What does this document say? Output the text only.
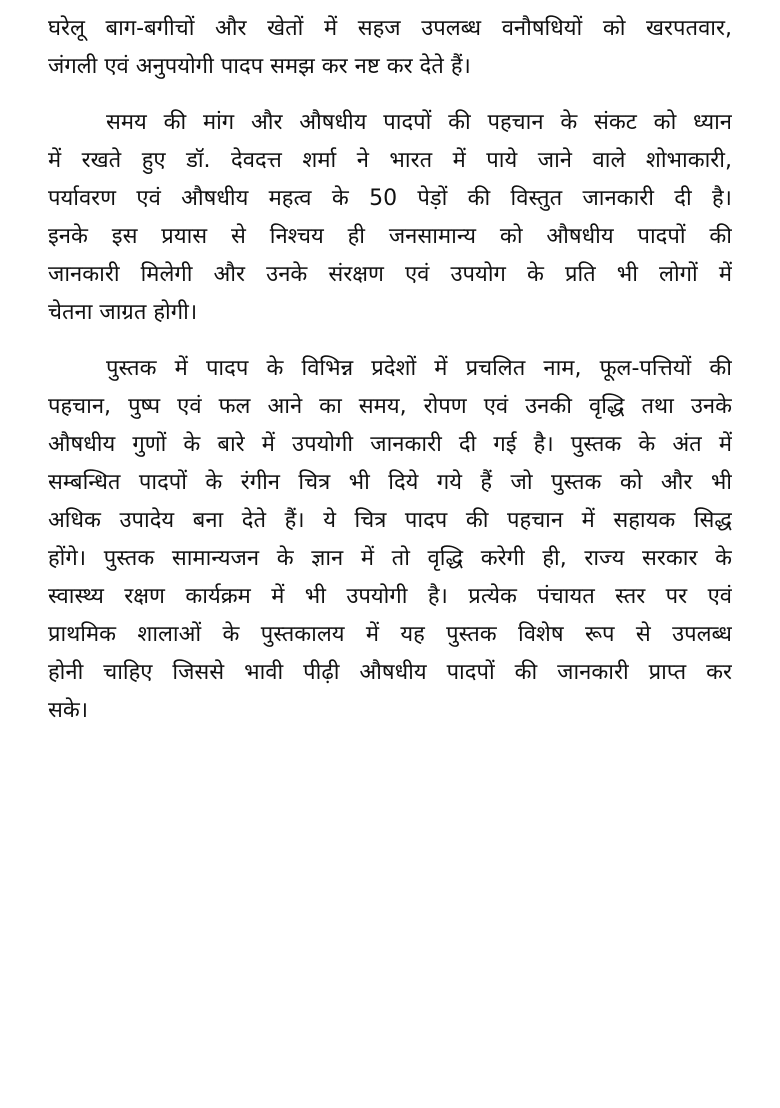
घरेलू बाग-बगीचों और खेतों में सहज उपलब्ध वनौषधियों को खरपतवार,
जंगली एवं अनुपयोगी पादप समझ कर नष्ट कर देते हैं।
समय की मांग और औषधीय पादपों की पहचान के संकट को ध्यान
में रखते हुए डॉ. देवदत्त शर्मा ने भारत में पाये जाने वाले शोभाकारी,
पर्यावरण एवं औषधीय महत्व के 50 पेड़ों की विस्तुत जानकारी दी है।
इनके इस प्रयास से निश्चय ही जनसामान्य को औषधीय पादपों की
जानकारी मिलेगी और उनके संरक्षण एवं उपयोग के प्रति भी लोगों में
चेतना जाग्रत होगी।
पुस्तक में पादप के विभिन्न प्रदेशों में प्रचलित नाम, फूल-पत्तियों की
पहचान, पुष्प एवं फल आने का समय, रोपण एवं उनकी वृद्धि तथा उनके
औषधीय गुणों के बारे में उपयोगी जानकारी दी गई है। पुस्तक के अंत में
सम्बन्धित पादपों के रंगीन चित्र भी दिये गये हैं जो पुस्तक को और भी
अधिक उपादेय बना देते हैं। ये चित्र पादप की पहचान में सहायक सिद्ध
होंगे। पुस्तक सामान्यजन के ज्ञान में तो वृद्धि करेगी ही, राज्य सरकार के
स्वास्थ्य रक्षण कार्यक्रम में भी उपयोगी है। प्रत्येक पंचायत स्तर पर एवं
प्राथमिक शालाओं के पुस्तकालय में यह पुस्तक विशेष रूप से उपलब्ध
होनी चाहिए जिससे भावी पीढ़ी औषधीय पादपों की जानकारी प्राप्त कर
सके।
